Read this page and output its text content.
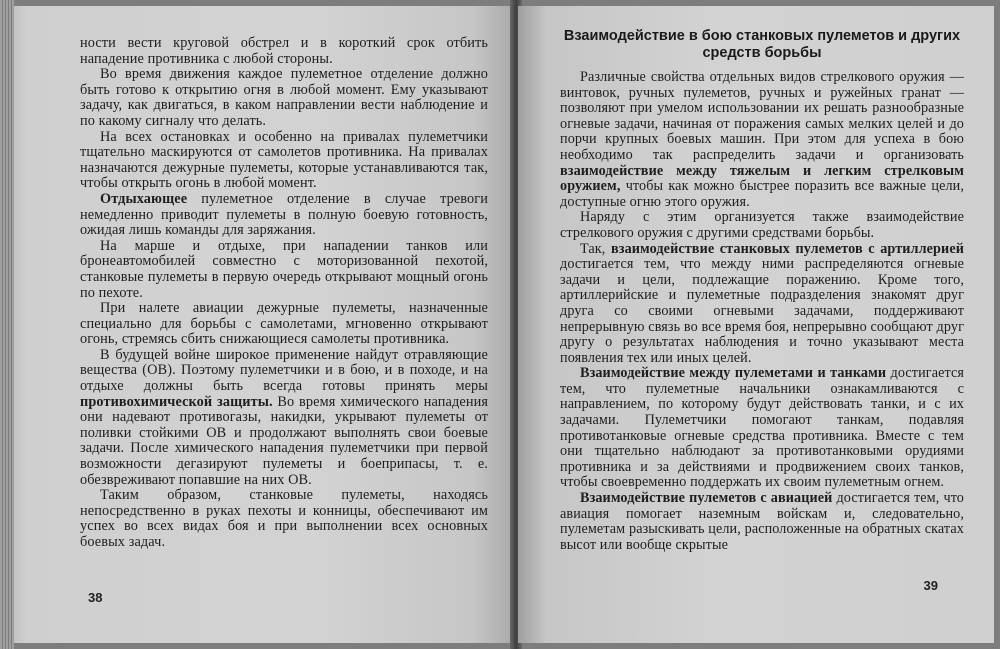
ности вести круговой обстрел и в короткий срок отбить нападение противника с любой стороны.

Во время движения каждое пулеметное отделение должно быть готово к открытию огня в любой момент. Ему указывают задачу, как двигаться, в каком направлении вести наблюдение и по какому сигналу что делать.

На всех остановках и особенно на привалах пулеметчики тщательно маскируются от самолетов противника. На привалах назначаются дежурные пулеметы, которые устанавливаются так, чтобы открыть огонь в любой момент.

Отдыхающее пулеметное отделение в случае тревоги немедленно приводит пулеметы в полную боевую готовность, ожидая лишь команды для заряжания.

На марше и отдыхе, при нападении танков или бронеавтомобилей совместно с моторизованной пехотой, станковые пулеметы в первую очередь открывают мощный огонь по пехоте.

При налете авиации дежурные пулеметы, назначенные специально для борьбы с самолетами, мгновенно открывают огонь, стремясь сбить снижающиеся самолеты противника.

В будущей войне широкое применение найдут отравляющие вещества (ОВ). Поэтому пулеметчики и в бою, и в походе, и на отдыхе должны быть всегда готовы принять меры противохимической защиты. Во время химического нападения они надевают противогазы, накидки, укрывают пулеметы от поливки стойкими ОВ и продолжают выполнять свои боевые задачи. После химического нападения пулеметчики при первой возможности дегазируют пулеметы и боеприпасы, т. е. обезвреживают попавшие на них ОВ.

Таким образом, станковые пулеметы, находясь непосредственно в руках пехоты и конницы, обеспечивают им успех во всех видах боя и при выполнении всех основных боевых задач.

38
Взаимодействие в бою станковых пулеметов и других средств борьбы

Различные свойства отдельных видов стрелкового оружия — винтовок, ручных пулеметов, ручных и ружейных гранат — позволяют при умелом использовании их решать разнообразные огневые задачи, начиная от поражения самых мелких целей и до порчи крупных боевых машин. При этом для успеха в бою необходимо так распределить задачи и организовать взаимодействие между тяжелым и легким стрелковым оружием, чтобы как можно быстрее поразить все важные цели, доступные огню этого оружия.

Наряду с этим организуется также взаимодействие стрелкового оружия с другими средствами борьбы.

Так, взаимодействие станковых пулеметов с артиллерией достигается тем, что между ними распределяются огневые задачи и цели, подлежащие поражению. Кроме того, артиллерийские и пулеметные подразделения знакомят друг друга со своими огневыми задачами, поддерживают непрерывную связь во все время боя, непрерывно сообщают друг другу о результатах наблюдения и точно указывают места появления тех или иных целей.

Взаимодействие между пулеметами и танками достигается тем, что пулеметные начальники ознакамливаются с направлением, по которому будут действовать танки, и с их задачами. Пулеметчики помогают танкам, подавляя противотанковые огневые средства противника. Вместе с тем они тщательно наблюдают за противотанковыми орудиями противника и за действиями и продвижением своих танков, чтобы своевременно поддержать их своим пулеметным огнем.

Взаимодействие пулеметов с авиацией достигается тем, что авиация помогает наземным войскам и, следовательно, пулеметам разыскивать цели, расположенные на обратных скатах высот или вообще скрытые

39
